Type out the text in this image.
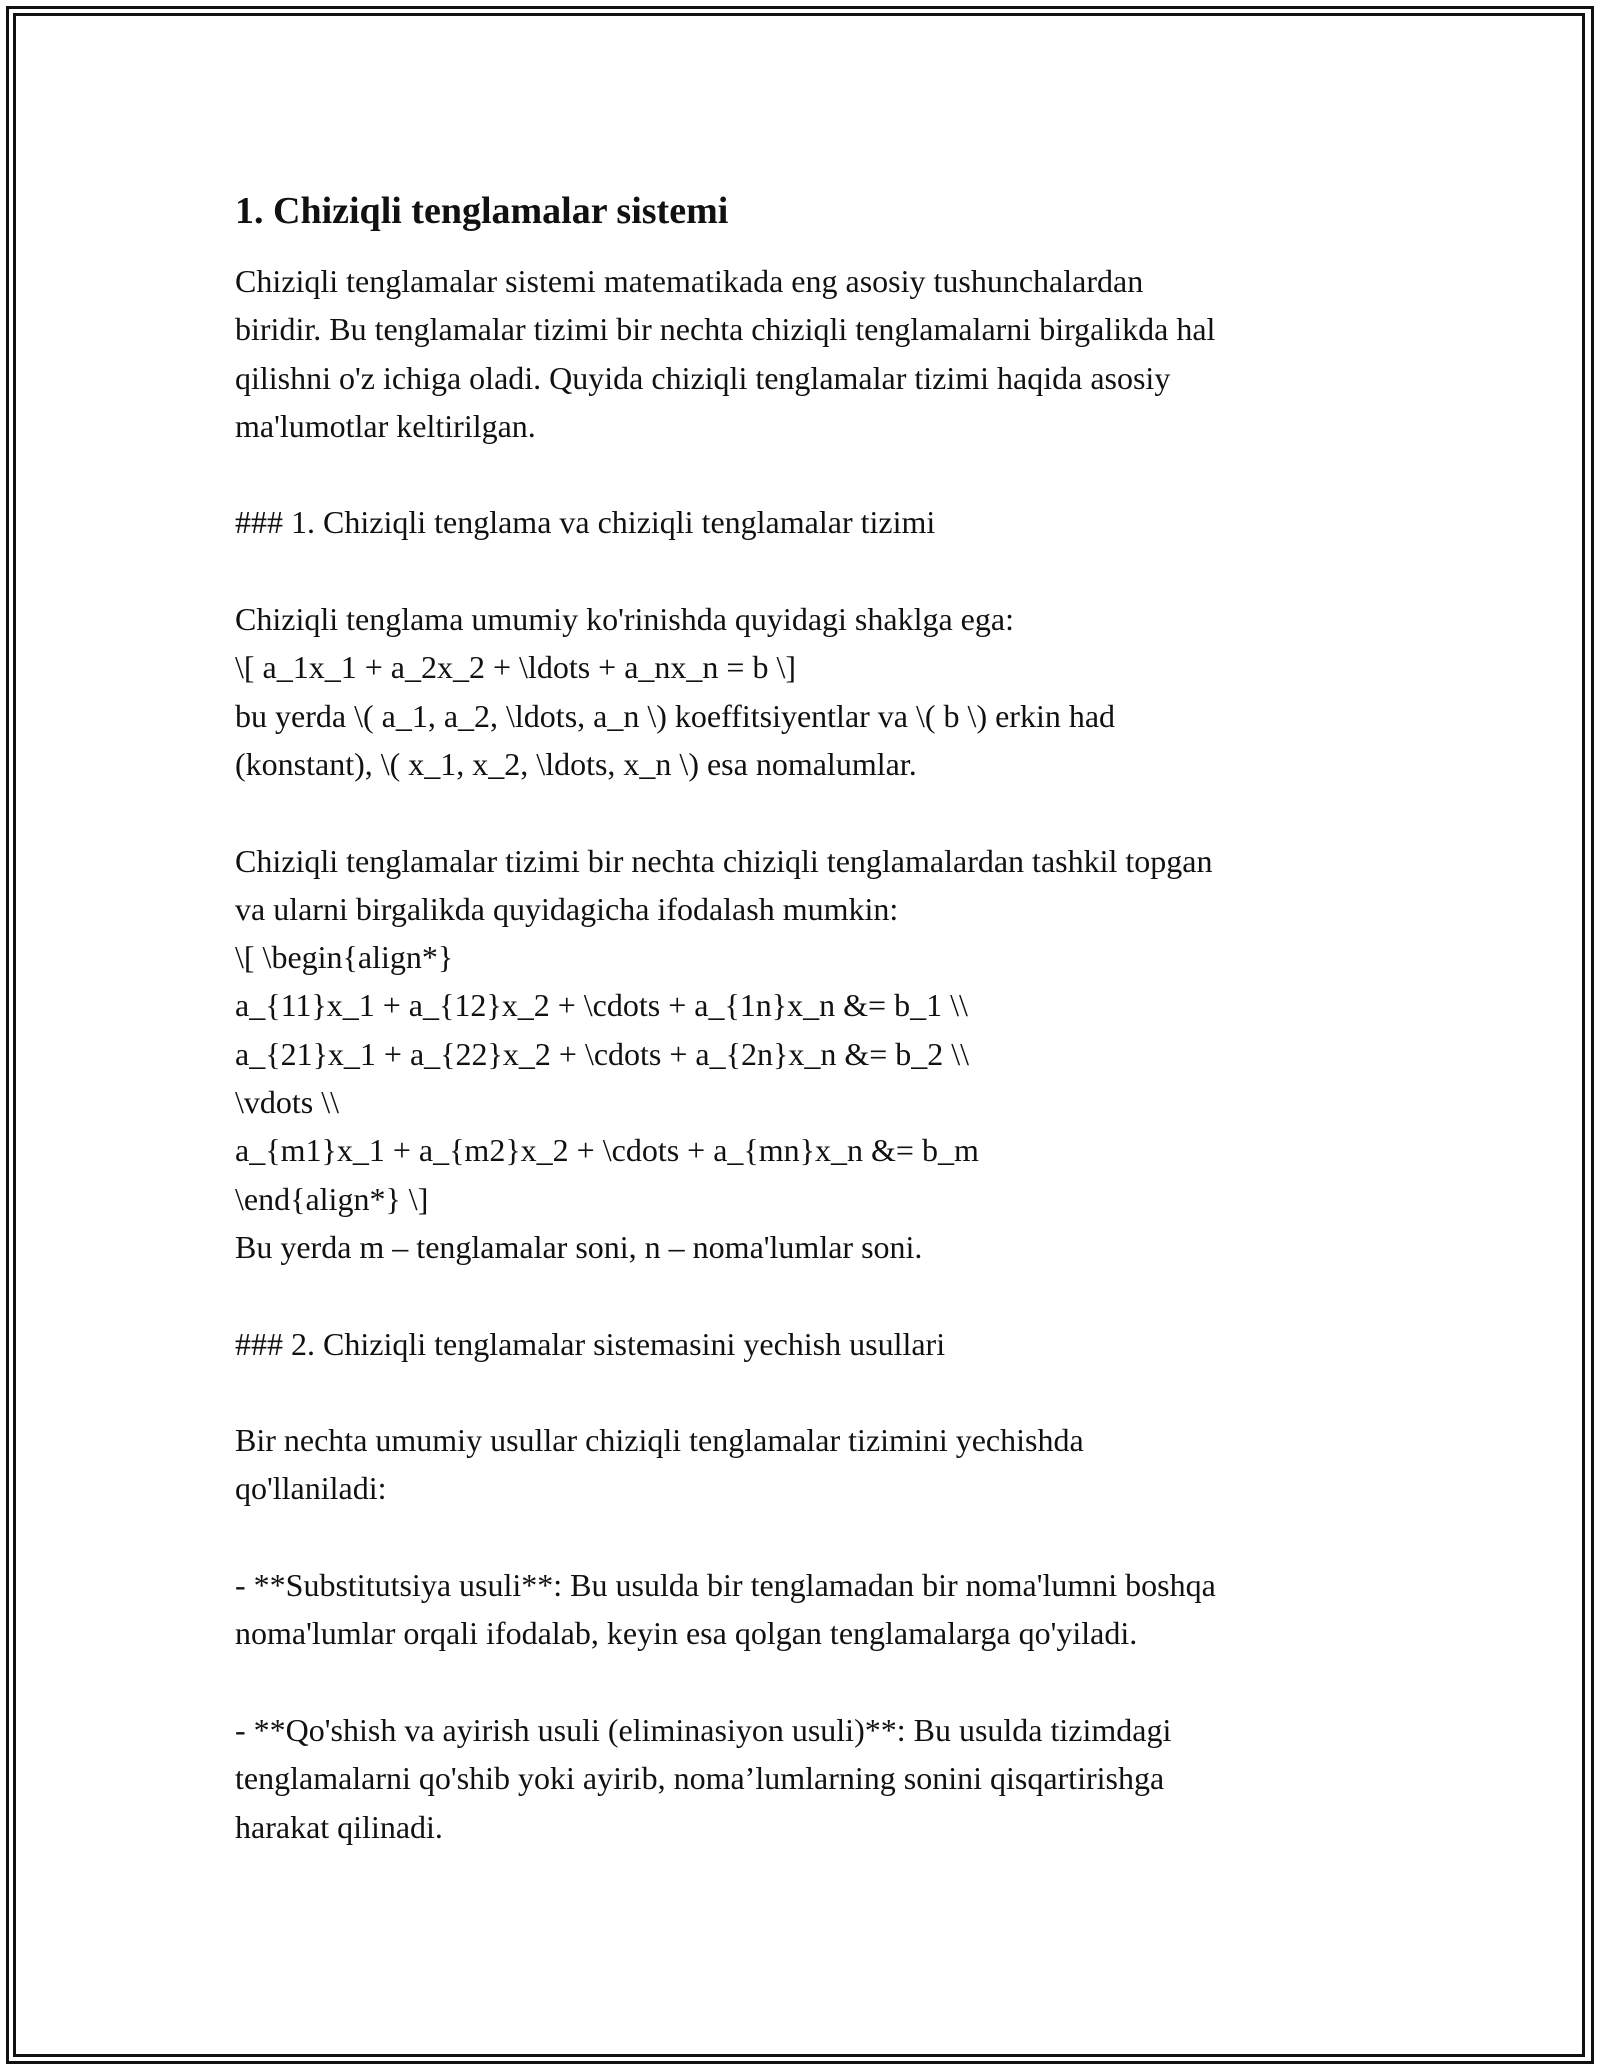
1. Chiziqli tenglamalar sistemi

Chiziqli tenglamalar sistemi matematikada eng asosiy tushunchalardan

biridir. Bu tenglamalar tizimi bir nechta chiziqli tenglamalarni birgalikda hal

qilishni o'z ichiga oladi. Quyida chiziqli tenglamalar tizimi haqida asosiy

ma'lumotlar keltirilgan.

### 1. Chiziqli tenglama va chiziqli tenglamalar tizimi

Chiziqli tenglama umumiy ko'rinishda quyidagi shaklga ega:

\[ a_1x_1 + a_2x_2 + \ldots + a_nx_n = b \]

bu yerda \( a_1, a_2, \ldots, a_n \) koeffitsiyentlar va \( b \) erkin had

(konstant), \( x_1, x_2, \ldots, x_n \) esa nomalumlar.

Chiziqli tenglamalar tizimi bir nechta chiziqli tenglamalardan tashkil topgan

va ularni birgalikda quyidagicha ifodalash mumkin:

\[ \begin{align*}

a_{11}x_1 + a_{12}x_2 + \cdots + a_{1n}x_n &= b_1 \\

a_{21}x_1 + a_{22}x_2 + \cdots + a_{2n}x_n &= b_2 \\

\vdots \\

a_{m1}x_1 + a_{m2}x_2 + \cdots + a_{mn}x_n &= b_m

\end{align*} \]

Bu yerda m – tenglamalar soni, n – noma'lumlar soni.

### 2. Chiziqli tenglamalar sistemasini yechish usullari

Bir nechta umumiy usullar chiziqli tenglamalar tizimini yechishda

qo'llaniladi:

- **Substitutsiya usuli**: Bu usulda bir tenglamadan bir noma'lumni boshqa

noma'lumlar orqali ifodalab, keyin esa qolgan tenglamalarga qo'yiladi.

- **Qo'shish va ayirish usuli (eliminasiyon usuli)**: Bu usulda tizimdagi

tenglamalarni qo'shib yoki ayirib, noma’lumlarning sonini qisqartirishga

harakat qilinadi.
